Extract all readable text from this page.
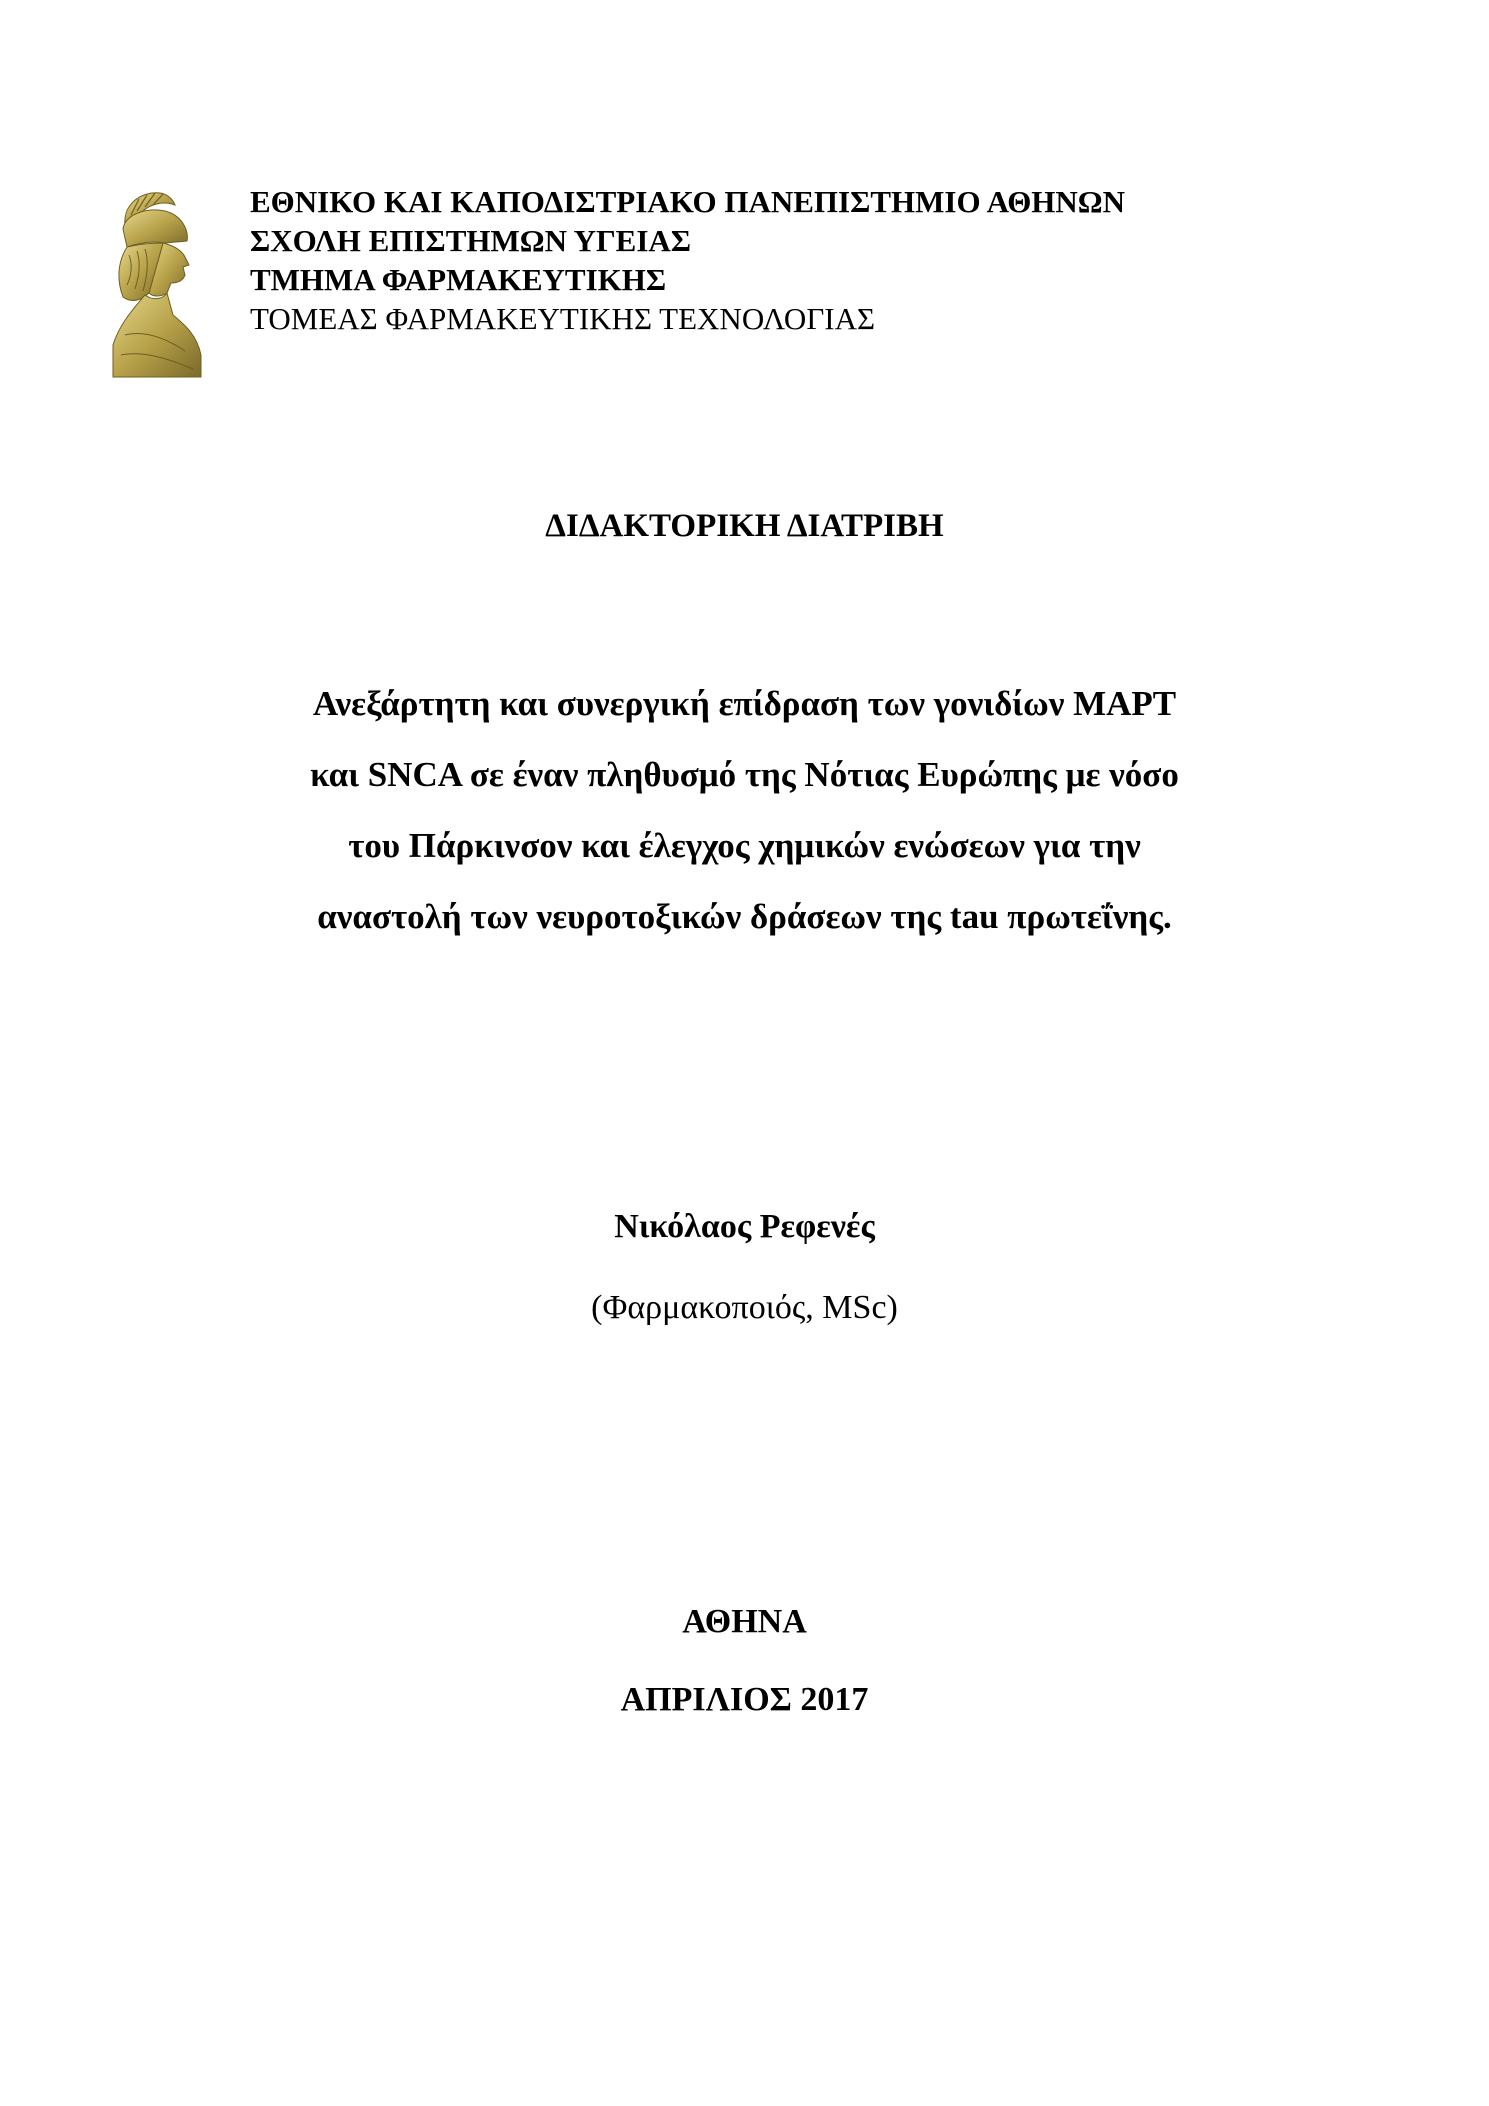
ΕΘΝΙΚΟ ΚΑΙ ΚΑΠΟΔΙΣΤΡΙΑΚΟ ΠΑΝΕΠΙΣΤΗΜΙΟ ΑΘΗΝΩΝ
ΣΧΟΛΗ ΕΠΙΣΤΗΜΩΝ ΥΓΕΙΑΣ
ΤΜΗΜΑ ΦΑΡΜΑΚΕΥΤΙΚΗΣ
ΤΟΜΕΑΣ ΦΑΡΜΑΚΕΥΤΙΚΗΣ ΤΕΧΝΟΛΟΓΙΑΣ
ΔΙΔΑΚΤΟΡΙΚΗ ΔΙΑΤΡΙΒΗ
Ανεξάρτητη και συνεργική επίδραση των γονιδίων MAPT
και SNCA σε έναν πληθυσμό της Νότιας Ευρώπης με νόσο
του Πάρκινσον και έλεγχος χημικών ενώσεων για την
αναστολή των νευροτοξικών δράσεων της tau πρωτεΐνης.
Νικόλαος Ρεφενές
(Φαρμακοποιός, MSc)
ΑΘΗΝΑ
ΑΠΡΙΛΙΟΣ 2017
